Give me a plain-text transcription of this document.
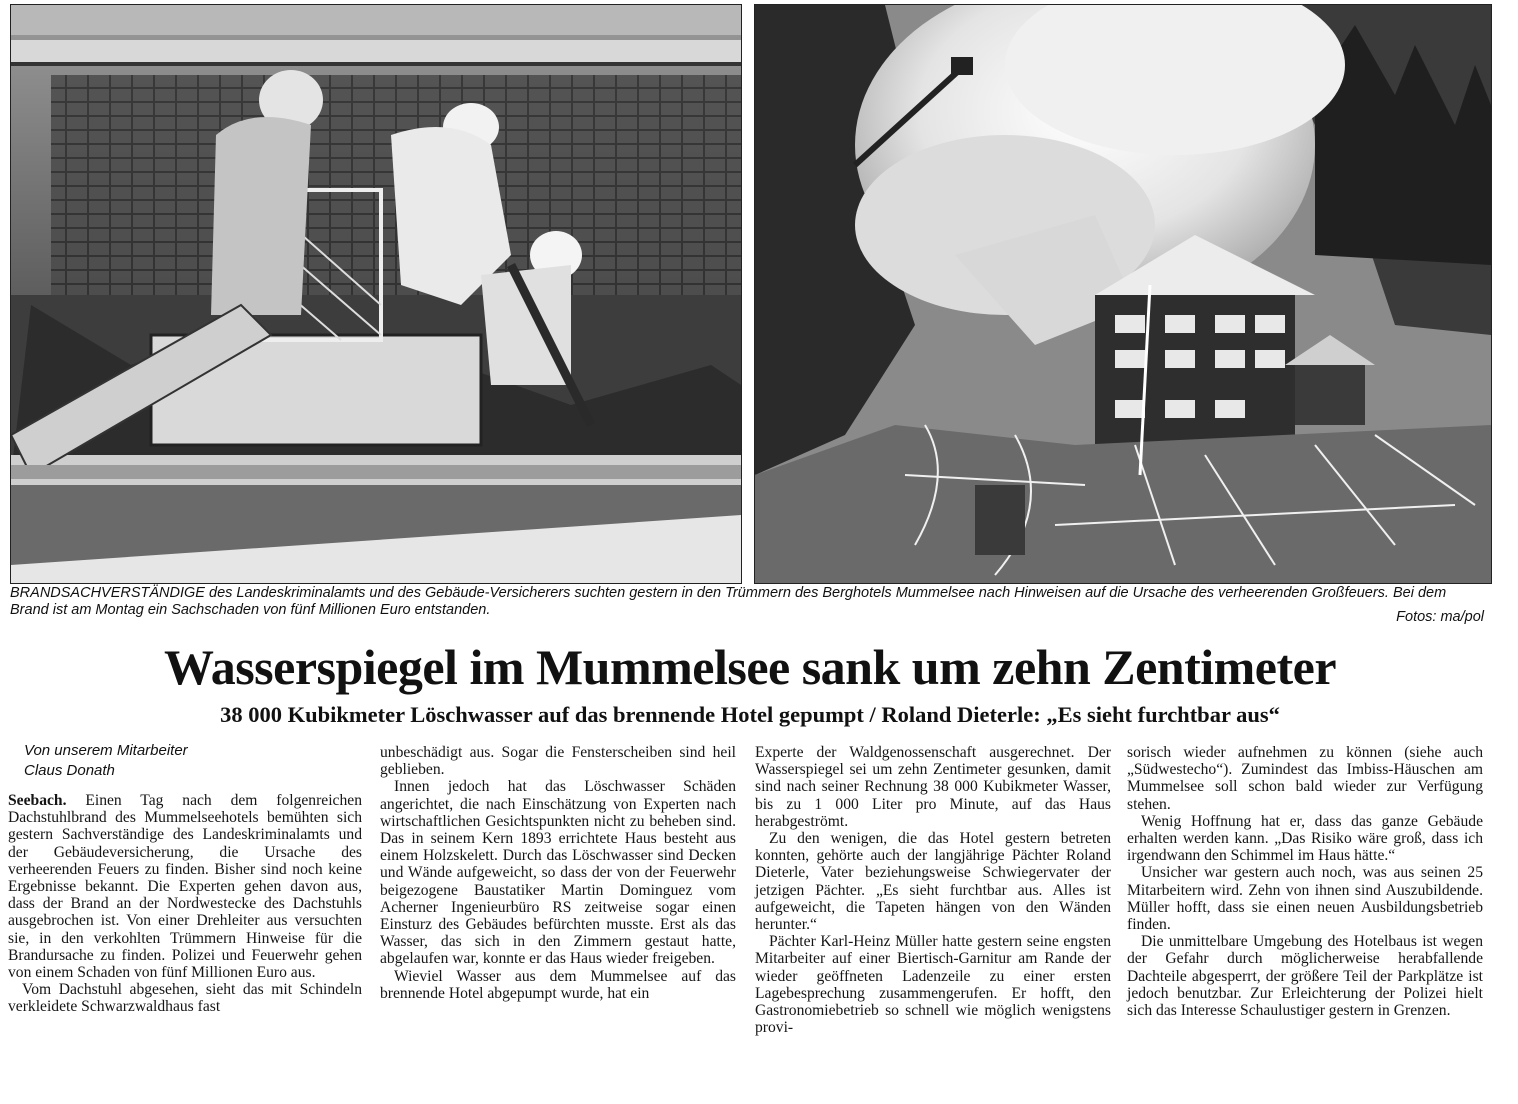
BRANDSACHVERSTÄNDIGE des Landeskriminalamts und des Gebäude-Versicherers suchten gestern in den Trümmern des Berghotels Mummelsee nach Hinweisen auf die Ursache des verheerenden Großfeuers. Bei dem Brand ist am Montag ein Sachschaden von fünf Millionen Euro entstanden.	Fotos: ma/pol
Wasserspiegel im Mummelsee sank um zehn Zentimeter
38 000 Kubikmeter Löschwasser auf das brennende Hotel gepumpt / Roland Dieterle: „Es sieht furchtbar aus“
Von unserem Mitarbeiter
Claus Donath

Seebach. Einen Tag nach dem folgenreichen Dachstuhlbrand des Mummelseehotels bemühten sich gestern Sachverständige des Landeskriminalamts und der Gebäudeversicherung, die Ursache des verheerenden Feuers zu finden. Bisher sind noch keine Ergebnisse bekannt. Die Experten gehen davon aus, dass der Brand an der Nordwestecke des Dachstuhls ausgebrochen ist. Von einer Drehleiter aus versuchten sie, in den verkohlten Trümmern Hinweise für die Brandursache zu finden. Polizei und Feuerwehr gehen von einem Schaden von fünf Millionen Euro aus.

Vom Dachstuhl abgesehen, sieht das mit Schindeln verkleidete Schwarzwaldhaus fast

unbeschädigt aus. Sogar die Fensterscheiben sind heil geblieben.

Innen jedoch hat das Löschwasser Schäden angerichtet, die nach Einschätzung von Experten nach wirtschaftlichen Gesichtspunkten nicht zu beheben sind. Das in seinem Kern 1893 errichtete Haus besteht aus einem Holzskelett. Durch das Löschwasser sind Decken und Wände aufgeweicht, so dass der von der Feuerwehr beigezogene Baustatiker Martin Dominguez vom Acherner Ingenieurbüro RS zeitweise sogar einen Einsturz des Gebäudes befürchten musste. Erst als das Wasser, das sich in den Zimmern gestaut hatte, abgelaufen war, konnte er das Haus wieder freigeben.

Wieviel Wasser aus dem Mummelsee auf das brennende Hotel abgepumpt wurde, hat ein

Experte der Waldgenossenschaft ausgerechnet. Der Wasserspiegel sei um zehn Zentimeter gesunken, damit sind nach seiner Rechnung 38 000 Kubikmeter Wasser, bis zu 1 000 Liter pro Minute, auf das Haus herabgeströmt.

Zu den wenigen, die das Hotel gestern betreten konnten, gehörte auch der langjährige Pächter Roland Dieterle, Vater beziehungsweise Schwiegervater der jetzigen Pächter. „Es sieht furchtbar aus. Alles ist aufgeweicht, die Tapeten hängen von den Wänden herunter.“

Pächter Karl-Heinz Müller hatte gestern seine engsten Mitarbeiter auf einer Biertisch-Garnitur am Rande der wieder geöffneten Ladenzeile zu einer ersten Lagebesprechung zusammengerufen. Er hofft, den Gastronomiebetrieb so schnell wie möglich wenigstens provi-

sorisch wieder aufnehmen zu können (siehe auch „Südwestecho“). Zumindest das Imbiss-Häuschen am Mummelsee soll schon bald wieder zur Verfügung stehen.

Wenig Hoffnung hat er, dass das ganze Gebäude erhalten werden kann. „Das Risiko wäre groß, dass ich irgendwann den Schimmel im Haus hätte.“

Unsicher war gestern auch noch, was aus seinen 25 Mitarbeitern wird. Zehn von ihnen sind Auszubildende. Müller hofft, dass sie einen neuen Ausbildungsbetrieb finden.

Die unmittelbare Umgebung des Hotelbaus ist wegen der Gefahr durch möglicherweise herabfallende Dachteile abgesperrt, der größere Teil der Parkplätze ist jedoch benutzbar. Zur Erleichterung der Polizei hielt sich das Interesse Schaulustiger gestern in Grenzen.
